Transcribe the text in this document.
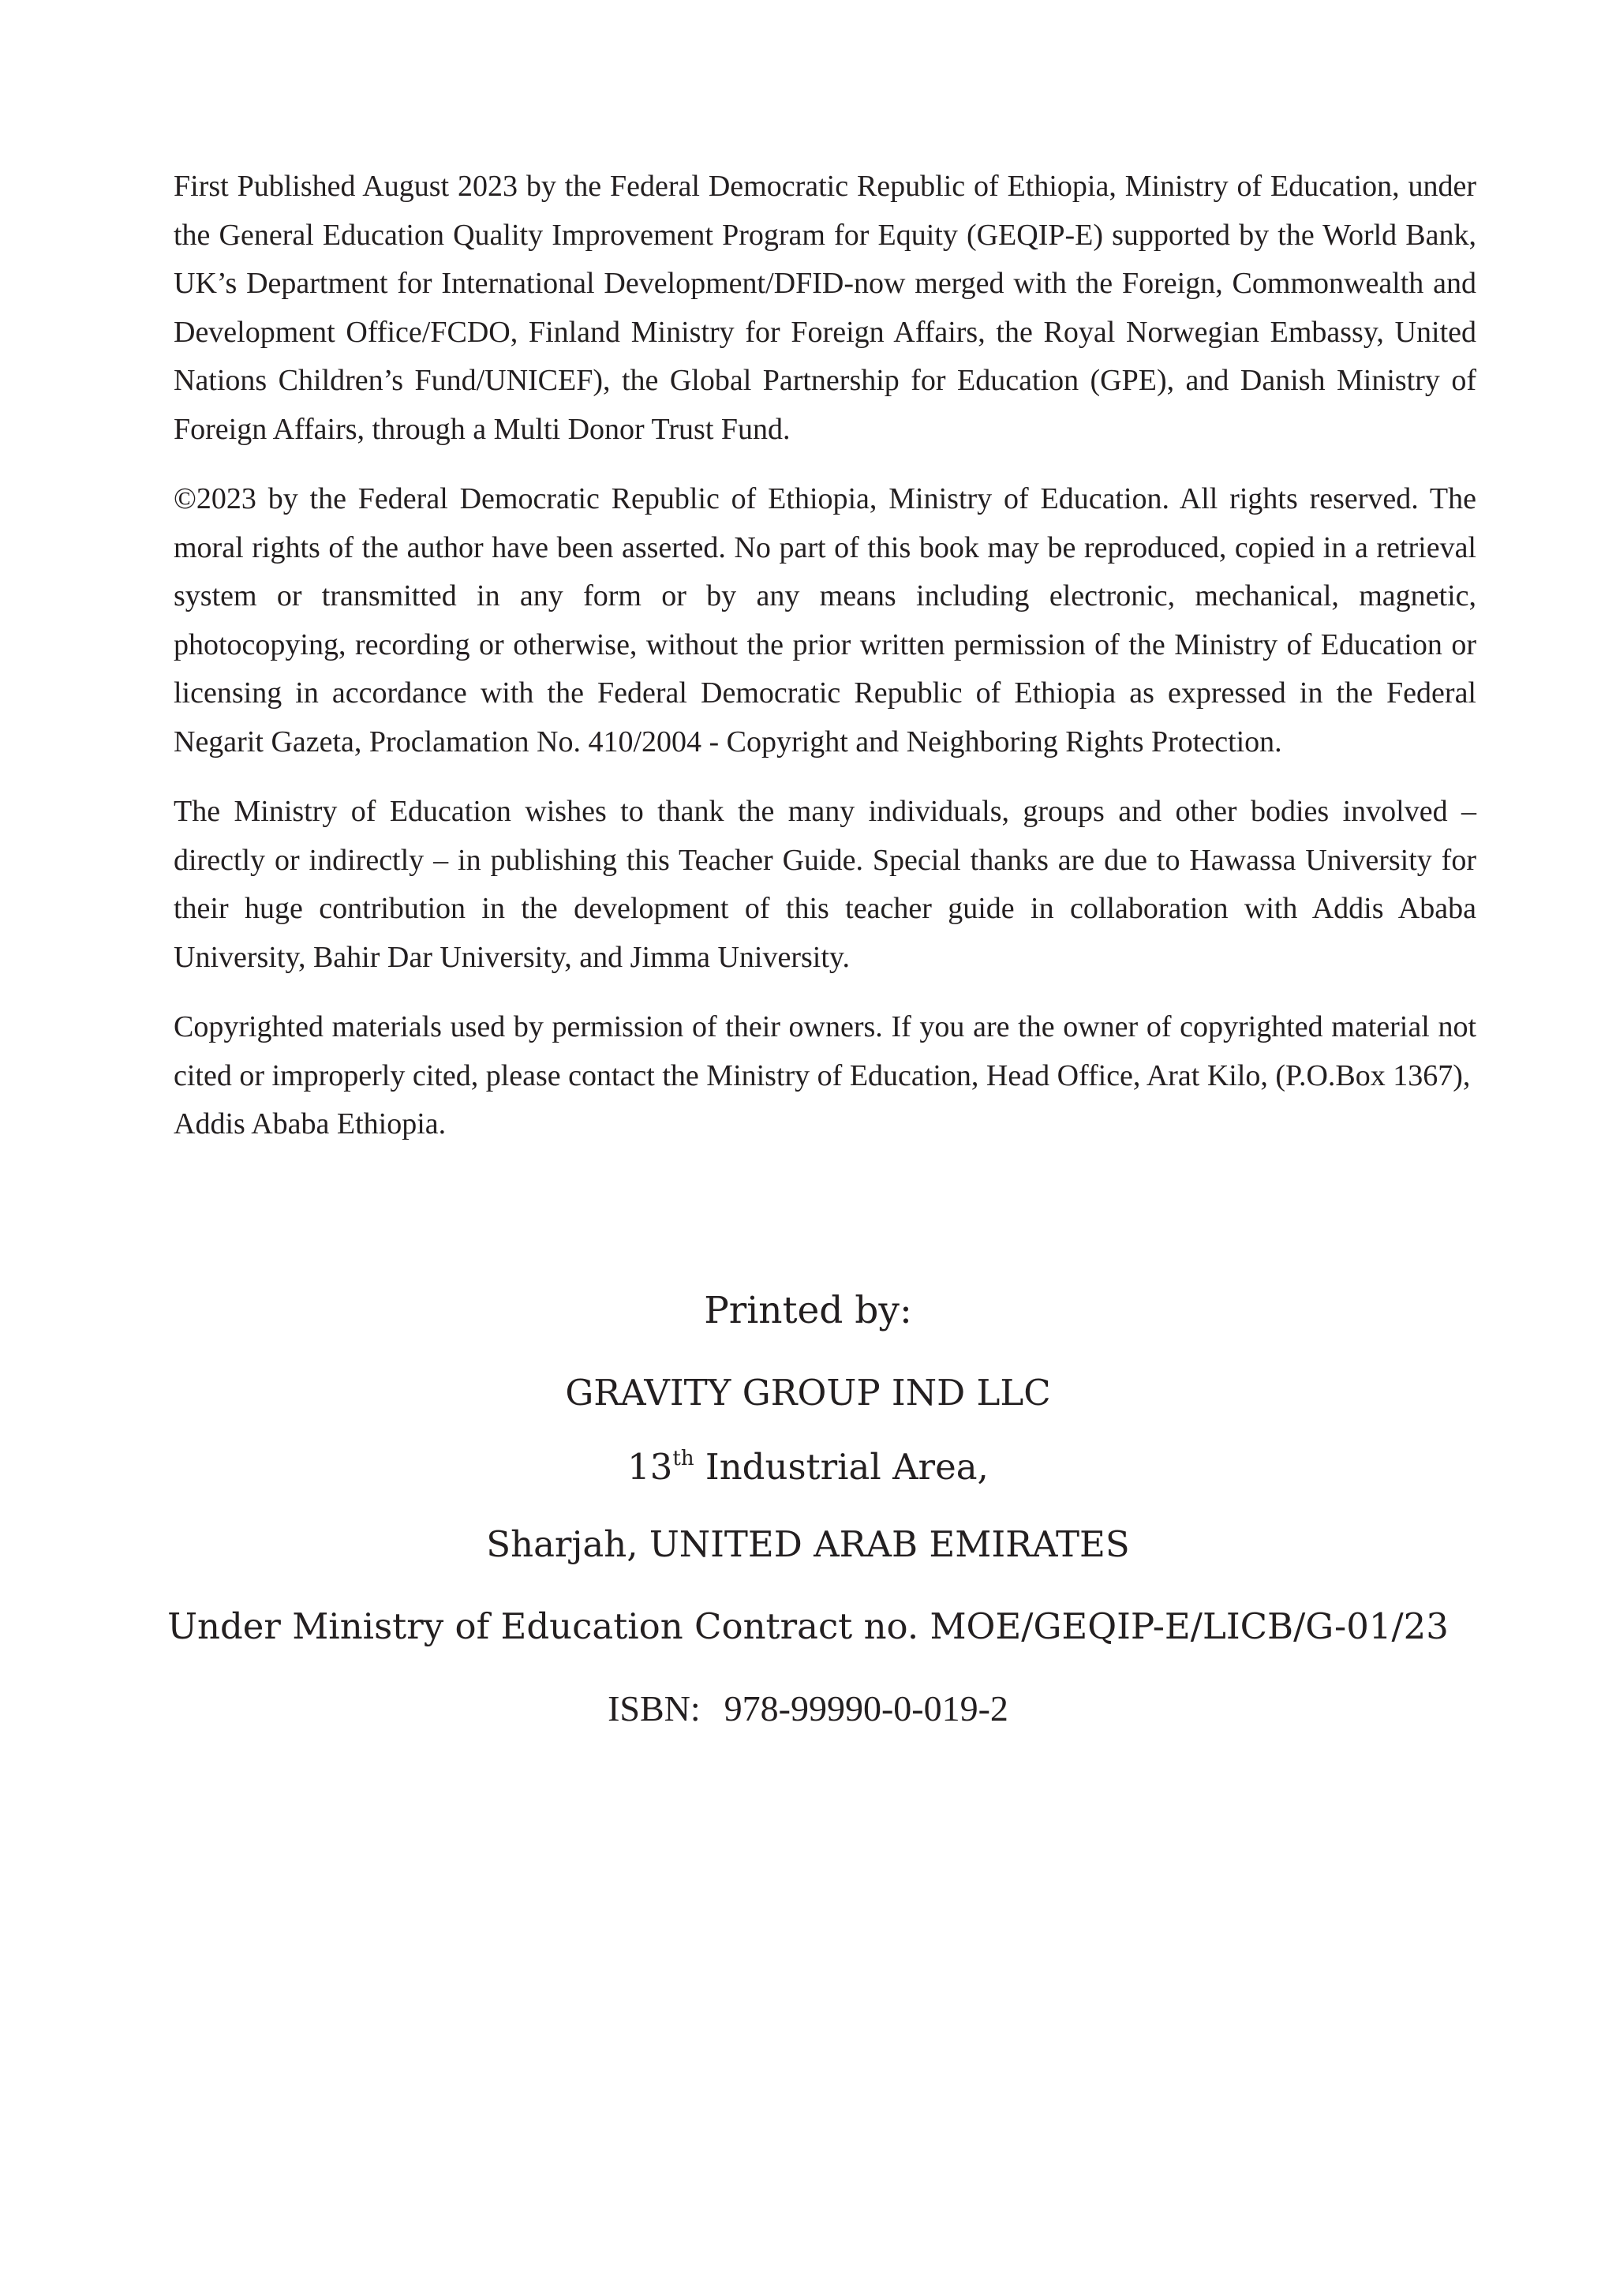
First Published August 2023 by the Federal Democratic Republic of Ethiopia, Ministry of Education, under the General Education Quality Improvement Program for Equity (GEQIP-E) supported by the World Bank, UK’s Department for International Development/DFID-now merged with the Foreign, Commonwealth and Development Office/FCDO, Finland Ministry for Foreign Affairs, the Royal Norwegian Embassy, United Nations Children’s Fund/UNICEF), the Global Partnership for Education (GPE), and Danish Ministry of Foreign Affairs, through a Multi Donor Trust Fund.

©2023 by the Federal Democratic Republic of Ethiopia, Ministry of Education. All rights reserved. The moral rights of the author have been asserted. No part of this book may be reproduced, copied in a retrieval system or transmitted in any form or by any means including electronic, mechanical, magnetic, photocopying, recording or otherwise, without the prior written permission of the Ministry of Education or licensing in accordance with the Federal Democratic Republic of Ethiopia as expressed in the Federal Negarit Gazeta, Proclamation No. 410/2004 - Copyright and Neighboring Rights Protection.

The Ministry of Education wishes to thank the many individuals, groups and other bodies involved – directly or indirectly – in publishing this Teacher Guide. Special thanks are due to Hawassa University for their huge contribution in the development of this teacher guide in collaboration with Addis Ababa University, Bahir Dar University, and Jimma University.

Copyrighted materials used by permission of their owners. If you are the owner of copyrighted material not cited or improperly cited, please contact the Ministry of Education, Head Office, Arat Kilo, (P.O.Box 1367),

Addis Ababa Ethiopia.

Printed by:
GRAVITY GROUP IND LLC
13th Industrial Area,
Sharjah, UNITED ARAB EMIRATES
Under Ministry of Education Contract no. MOE/GEQIP-E/LICB/G-01/23
ISBN: 978-99990-0-019-2
